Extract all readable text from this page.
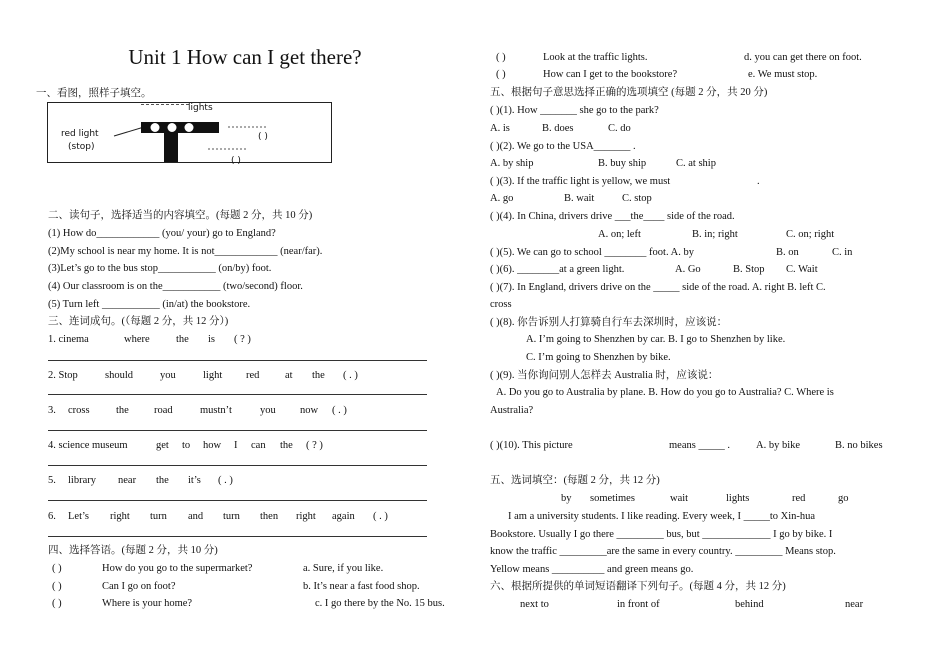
Unit 1 How can I get there?
一、看图，照样子填空。
lights
red light
(stop)
( )
( )
二、读句子，选择适当的内容填空。(每题 2 分，共 10 分)
(1) How do____________ (you/ your) go to England?
(2)My school is near my home. It is not____________ (near/far).
(3)Let’s go to the bus stop___________ (on/by) foot.
(4) Our classroom is on the___________ (two/second) floor.
(5) Turn left ___________ (in/at) the bookstore.
三、连词成句。(（每题 2 分，共 12 分）)
1. cinema	where	the is ( ? )
2. Stop	should	you	light red at the ( . )
3. cross	the road	mustn’t	you now ( . )
4. science museum	get to how I can the ( ? )
5. library near the it’s ( . )
6. Let’s right turn and turn then right again ( . )
四、选择答语。(每题 2 分，共 10 分)
( )	How do you go to the supermarket?	a. Sure, if you like.
( )	Can I go on foot?	b. It’s near a fast food shop.
( )	Where is your home?	c. I go there by the No. 15 bus.
( )	Look at the traffic lights.	d. you can get there on foot.
( )	How can I get to the bookstore?	e. We must stop.
五、根据句子意思选择正确的选项填空 (每题 2 分，共 20 分)
( )(1). How _______ she go to the park?
A. is	B. does	C. do
( )(2). We go to the USA_______ .
A. by ship	B. buy ship	C. at ship
( )(3). If the traffic light is yellow, we must	.
A. go	B. wait	C. stop
( )(4). In China, drivers drive ___the____ side of the road.
A. on; left	B. in; right	C. on; right
( )(5). We can go to school ________ foot. A. by	B. on	C. in
( )(6). ________at a green light.	A. Go	B. Stop C. Wait
( )(7). In England, drivers drive on the _____ side of the road. A. right B. left C.
cross
( )(8). 你告诉别人打算骑自行车去深圳时，应该说：
A. I’m going to Shenzhen by car. B. I go to Shenzhen by like.
C. I’m going to Shenzhen by bike.
( )(9). 当你询问别人怎样去 Australia 时，应该说：
A. Do you go to Australia by plane. B. How do you go to Australia? C. Where is
Australia?
( )(10). This picture	means _____ . A. by bike	B. no bikes
五、选词填空：(每题 2 分，共 12 分)
by sometimes	wait	lights	red	go
I am a university students. I like reading. Every week, I _____to Xin-hua
Bookstore. Usually I go there _________ bus, but _____________ I go by bike. I
know the traffic _________are the same in every country. _________ Means stop.
Yellow means __________ and green means go.
六、根据所提供的单词短语翻译下列句子。(每题 4 分，共 12 分)
next to	in front of	behind	near
